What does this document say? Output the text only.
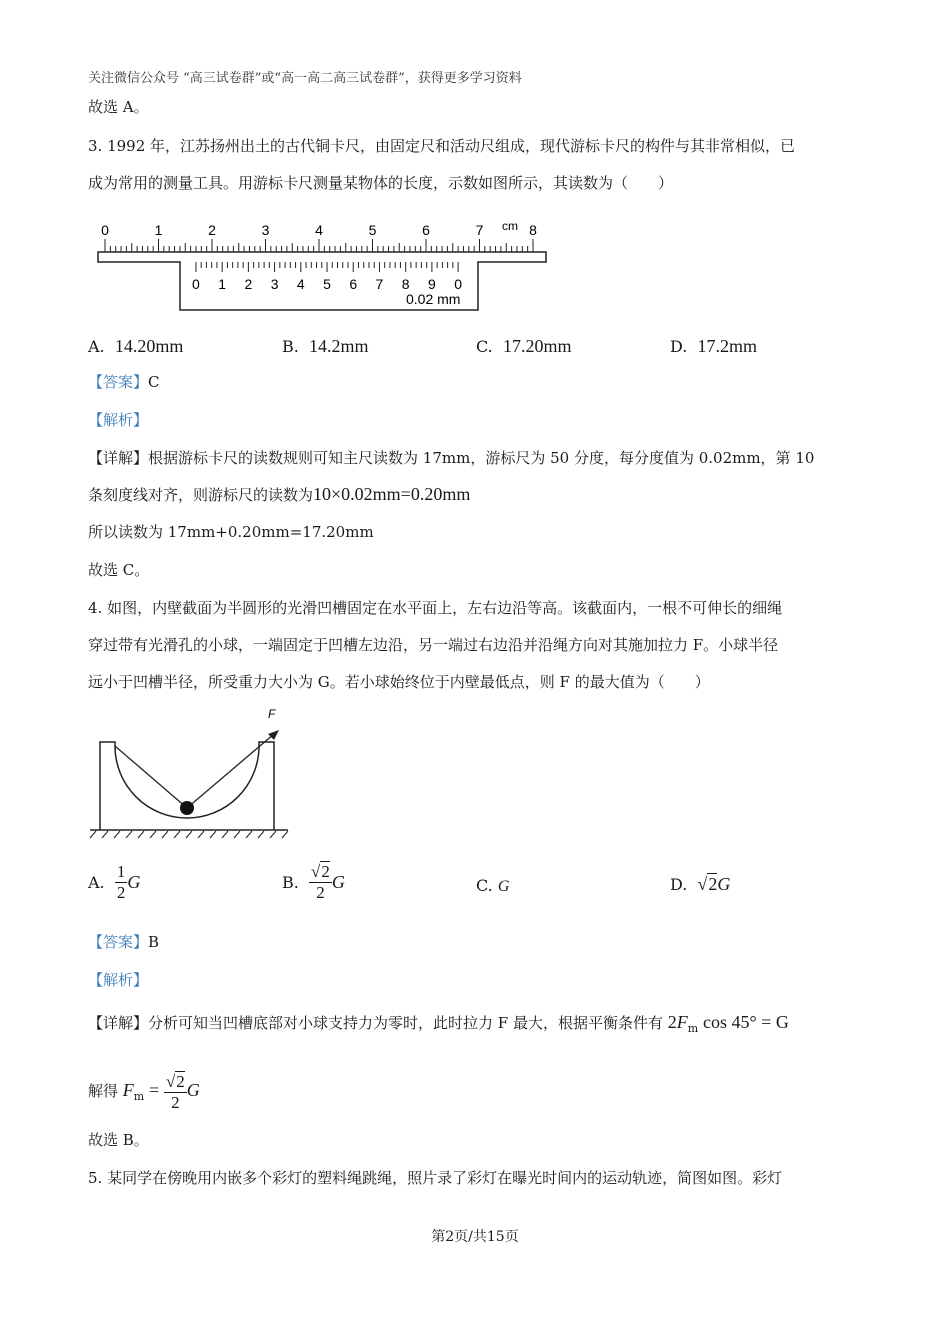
关注微信公众号 “高三试卷群”或“高一高二高三试卷群”，获得更多学习资料
故选 A。
3. 1992 年，江苏扬州出土的古代铜卡尺，由固定尺和活动尺组成，现代游标卡尺的构件与其非常相似，已
成为常用的测量工具。用游标卡尺测量某物体的长度，示数如图所示，其读数为（　　）
0	1	2	3	4	5	6	7	8
0 1 2 3 4 5 6 7 8 9 0
cm
0.02 mm
A. 14.20mm	B. 14.2mm	C. 17.20mm	D. 17.2mm
【答案】C
【解析】
【详解】根据游标卡尺的读数规则可知主尺读数为 17mm，游标尺为 50 分度，每分度值为 0.02mm，第 10
条刻度线对齐，则游标尺的读数为10×0.02mm=0.20mm
所以读数为 17mm+0.20mm=17.20mm
故选 C。
4. 如图，内壁截面为半圆形的光滑凹槽固定在水平面上，左右边沿等高。该截面内，一根不可伸长的细绳
穿过带有光滑孔的小球，一端固定于凹槽左边沿，另一端过右边沿并沿绳方向对其施加拉力 F。小球半径
远小于凹槽半径，所受重力大小为 G。若小球始终位于内壁最低点，则 F 的最大值为（　　）
F
A. $\frac{1}{2}$ G	B. $\frac{√2}{2}$ G	C. G	D. √2G
【答案】B
【解析】
【详解】分析可知当凹槽底部对小球支持力为零时，此时拉力 F 最大，根据平衡条件有 $2F_m$ cos 45° = G
解得 $F_m = \frac{√2}{2}$ G
故选 B。
5. 某同学在傍晚用内嵌多个彩灯的塑料绳跳绳，照片录了彩灯在曝光时间内的运动轨迹，简图如图。彩灯
第2页/共15页
